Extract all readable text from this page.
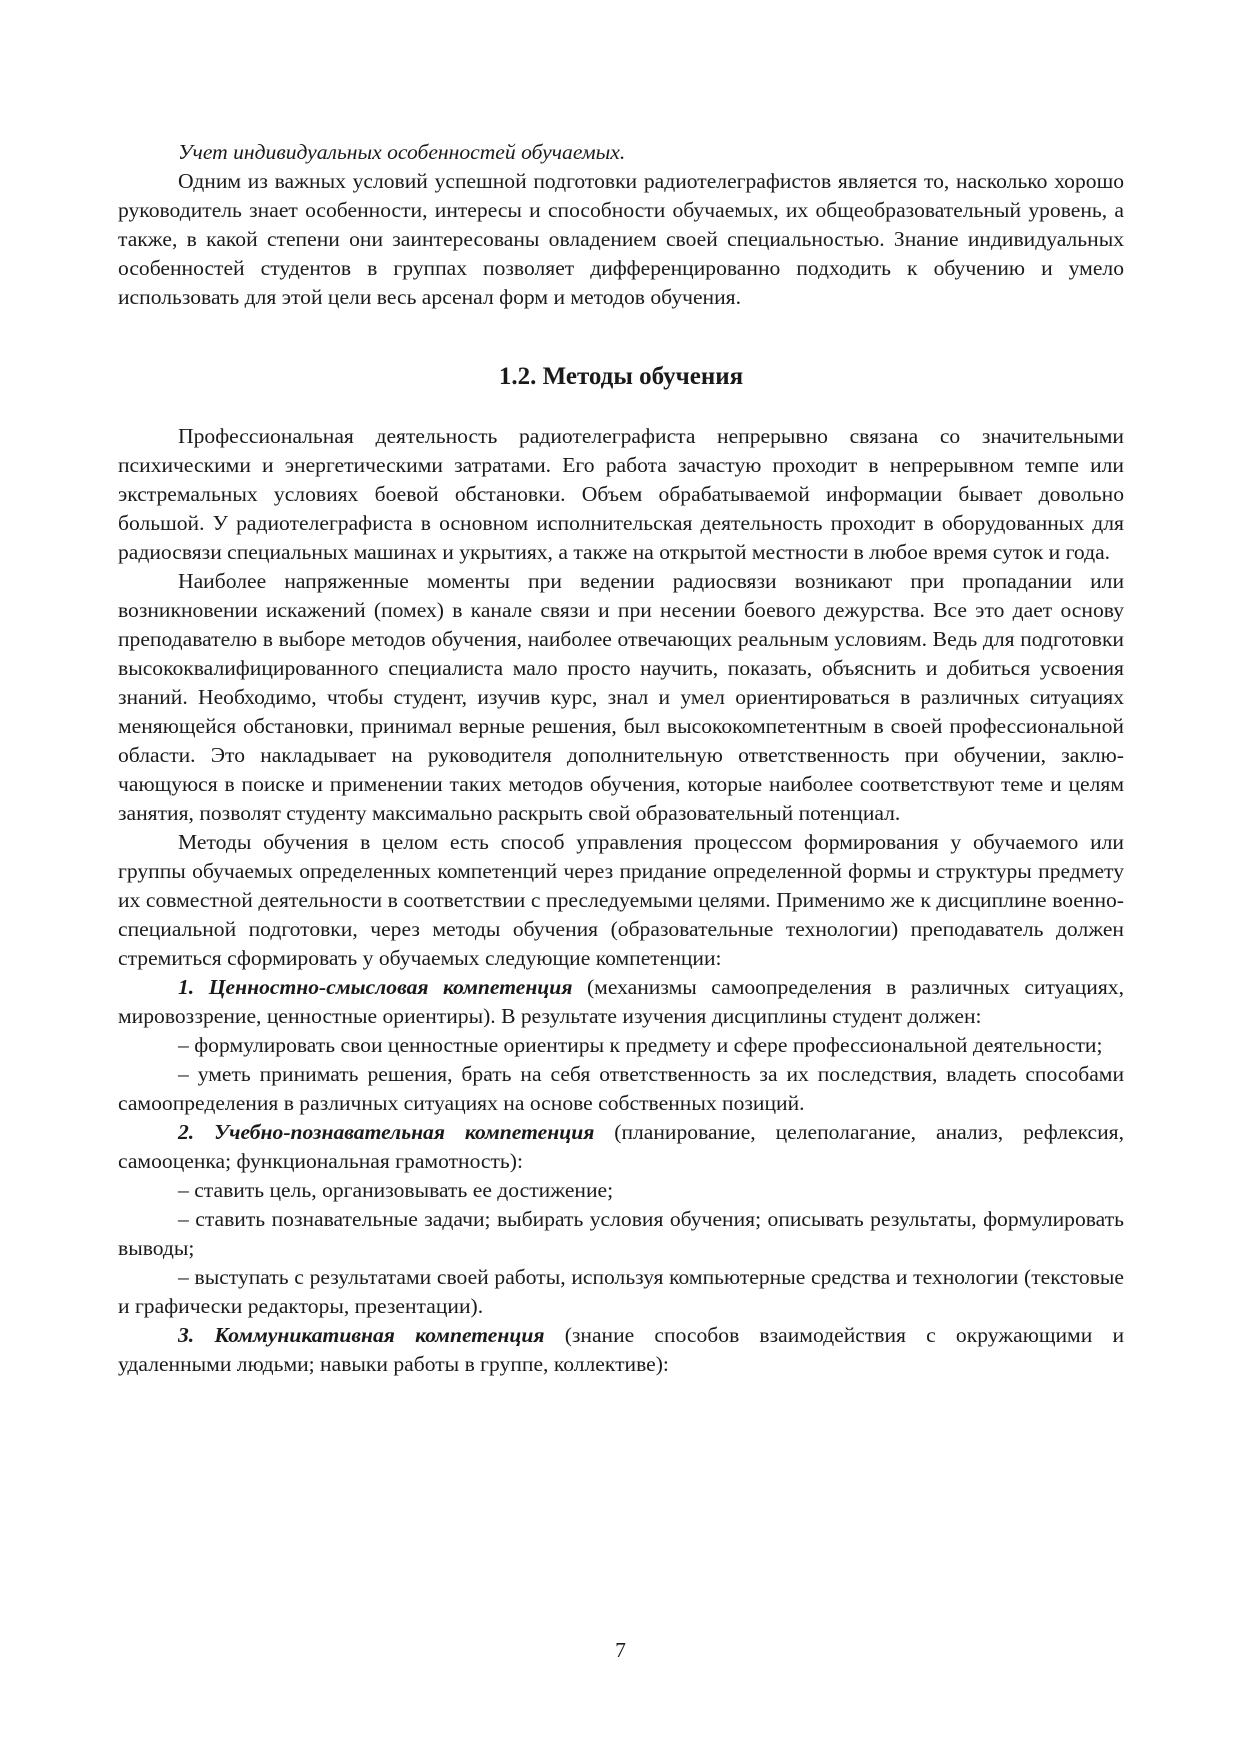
Учет индивидуальных особенностей обучаемых.

Одним из важных условий успешной подготовки радиотелеграфистов является то, насколько хорошо руководитель знает особенности, интересы и способности обучаемых, их общеобразовательный уровень, а также, в какой степени они заинтересованы овладением своей специальностью. Знание индивидуальных особенностей студентов в группах позволяет дифференцированно подходить к обучению и умело использовать для этой цели весь арсенал форм и методов обучения.

1.2. Методы обучения

Профессиональная деятельность радиотелеграфиста непрерывно связана со значительными психическими и энергетическими затратами. Его работа зачастую проходит в непрерывном темпе или экстремальных условиях боевой обстановки. Объем обрабатываемой информации бывает довольно большой. У радиотелеграфиста в основном исполнительская деятельность проходит в оборудованных для радиосвязи специальных машинах и укрытиях, а также на открытой местности в любое время суток и года.

Наиболее напряженные моменты при ведении радиосвязи возникают при пропадании или возникновении искажений (помех) в канале связи и при несении боевого дежурства. Все это дает основу преподавателю в выборе методов обучения, наиболее отвечающих реальным условиям. Ведь для подготовки высококвалифицированного специалиста мало просто научить, показать, объяснить и добиться усвоения знаний. Необходимо, чтобы студент, изучив курс, знал и умел ориентироваться в различных ситуациях меняющейся обстановки, принимал верные решения, был высококомпетентным в своей профессиональной области. Это накладывает на руководителя дополнительную ответственность при обучении, заключающуюся в поиске и применении таких методов обучения, которые наиболее соответствуют теме и целям занятия, позволят студенту максимально раскрыть свой образовательный потенциал.

Методы обучения в целом есть способ управления процессом формирования у обучаемого или группы обучаемых определенных компетенций через придание определенной формы и структуры предмету их совместной деятельности в соответствии с преследуемыми целями. Применимо же к дисциплине военно-специальной подготовки, через методы обучения (образовательные технологии) преподаватель должен стремиться сформировать у обучаемых следующие компетенции:

1. Ценностно-смысловая компетенция (механизмы самоопределения в различных ситуациях, мировоззрение, ценностные ориентиры). В результате изучения дисциплины студент должен:

– формулировать свои ценностные ориентиры к предмету и сфере профессиональной деятельности;

– уметь принимать решения, брать на себя ответственность за их последствия, владеть способами самоопределения в различных ситуациях на основе собственных позиций.

2. Учебно-познавательная компетенция (планирование, целеполагание, анализ, рефлексия, самооценка; функциональная грамотность):

– ставить цель, организовывать ее достижение;

– ставить познавательные задачи; выбирать условия обучения; описывать результаты, формулировать выводы;

– выступать с результатами своей работы, используя компьютерные средства и технологии (текстовые и графически редакторы, презентации).

3. Коммуникативная компетенция (знание способов взаимодействия с окружающими и удаленными людьми; навыки работы в группе, коллективе):

7
